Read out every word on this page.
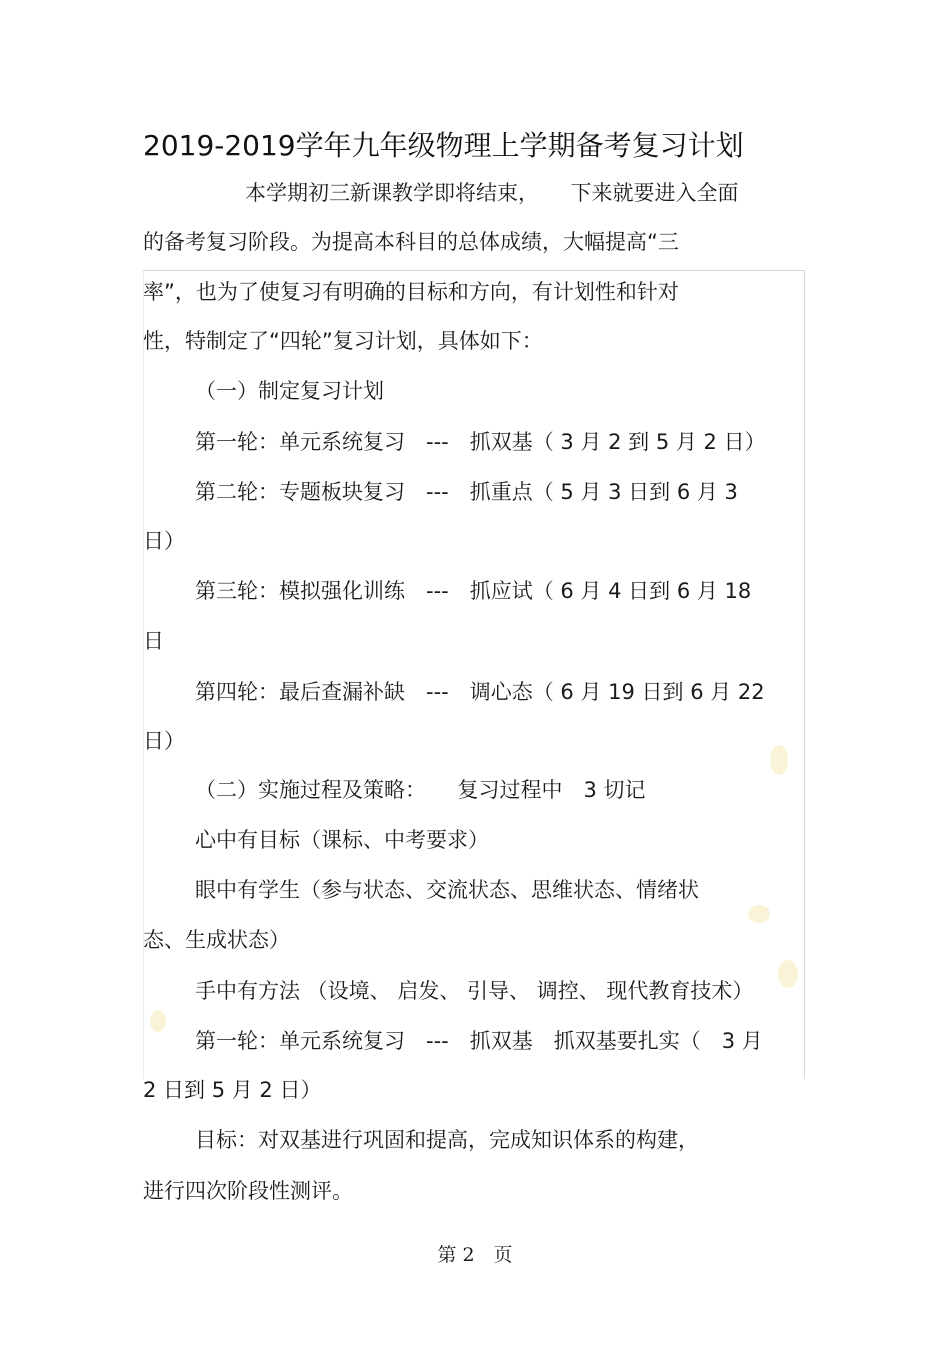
2019-2019学年九年级物理上学期备考复习计划
本学期初三新课教学即将结束，　　下来就要进入全面
的备考复习阶段。为提高本科目的总体成绩，大幅提高“三
率”，也为了使复习有明确的目标和方向，有计划性和针对
性，特制定了“四轮”复习计划，具体如下：
（一）制定复习计划
第一轮：单元系统复习　---　抓双基（ 3 月 2 到 5 月 2 日）
第二轮：专题板块复习　---　抓重点（ 5 月 3 日到 6 月 3
日）
第三轮：模拟强化训练　---　抓应试（ 6 月 4 日到 6 月 18
日
第四轮：最后查漏补缺　---　调心态（ 6 月 19 日到 6 月 22
日）
（二）实施过程及策略：　　复习过程中　3 切记
心中有目标（课标、中考要求）
眼中有学生（参与状态、交流状态、思维状态、情绪状
态、生成状态）
手中有方法 （设境、 启发、 引导、 调控、 现代教育技术）
第一轮：单元系统复习　---　抓双基　抓双基要扎实（　3 月
2 日到 5 月 2 日）
目标：对双基进行巩固和提高，完成知识体系的构建，
进行四次阶段性测评。
第 2　页
